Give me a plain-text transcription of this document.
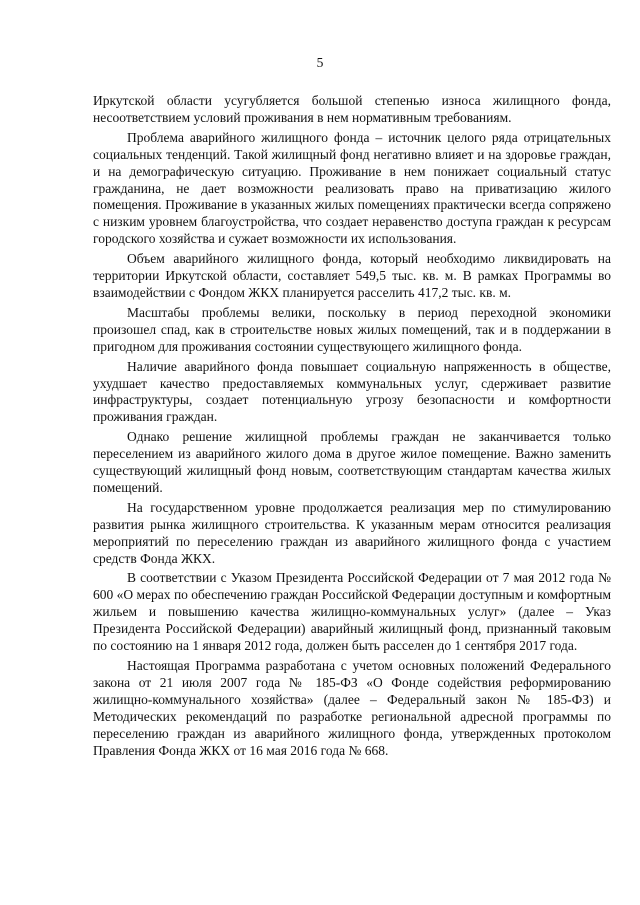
5

Иркутской области усугубляется большой степенью износа жилищного фонда, несоответствием условий проживания в нем нормативным требованиям.

Проблема аварийного жилищного фонда – источник целого ряда отрицательных социальных тенденций. Такой жилищный фонд негативно влияет и на здоровье граждан, и на демографическую ситуацию. Проживание в нем понижает социальный статус гражданина, не дает возможности реализовать право на приватизацию жилого помещения. Проживание в указанных жилых помещениях практически всегда сопряжено с низким уровнем благоустройства, что создает неравенство доступа граждан к ресурсам городского хозяйства и сужает возможности их использования.

Объем аварийного жилищного фонда, который необходимо ликвидировать на территории Иркутской области, составляет 549,5 тыс. кв. м. В рамках Программы во взаимодействии с Фондом ЖКХ планируется расселить 417,2 тыс. кв. м.

Масштабы проблемы велики, поскольку в период переходной экономики произошел спад, как в строительстве новых жилых помещений, так и в поддержании в пригодном для проживания состоянии существующего жилищного фонда.

Наличие аварийного фонда повышает социальную напряженность в обществе, ухудшает качество предоставляемых коммунальных услуг, сдерживает развитие инфраструктуры, создает потенциальную угрозу безопасности и комфортности проживания граждан.

Однако решение жилищной проблемы граждан не заканчивается только переселением из аварийного жилого дома в другое жилое помещение. Важно заменить существующий жилищный фонд новым, соответствующим стандартам качества жилых помещений.

На государственном уровне продолжается реализация мер по стимулированию развития рынка жилищного строительства. К указанным мерам относится реализация мероприятий по переселению граждан из аварийного жилищного фонда с участием средств Фонда ЖКХ.

В соответствии с Указом Президента Российской Федерации от 7 мая 2012 года № 600 «О мерах по обеспечению граждан Российской Федерации доступным и комфортным жильем и повышению качества жилищно-коммунальных услуг» (далее – Указ Президента Российской Федерации) аварийный жилищный фонд, признанный таковым по состоянию на 1 января 2012 года, должен быть расселен до 1 сентября 2017 года.

Настоящая Программа разработана с учетом основных положений Федерального закона от 21 июля 2007 года № 185-ФЗ «О Фонде содействия реформированию жилищно-коммунального хозяйства» (далее – Федеральный закон № 185-ФЗ) и Методических рекомендаций по разработке региональной адресной программы по переселению граждан из аварийного жилищного фонда, утвержденных протоколом Правления Фонда ЖКХ от 16 мая 2016 года № 668.
